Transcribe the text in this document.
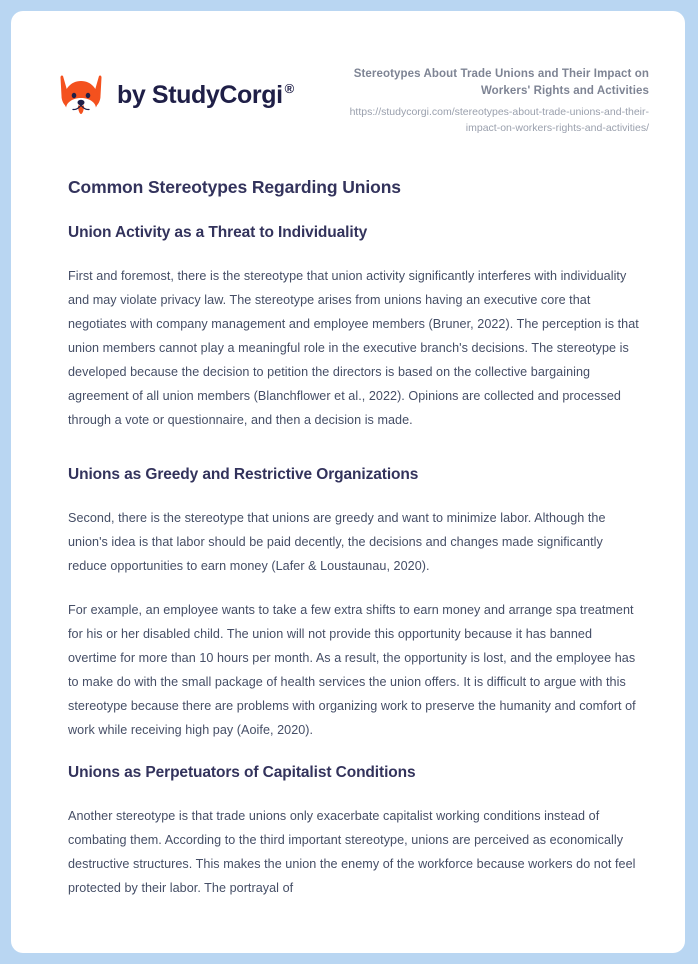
by StudyCorgi ®
Stereotypes About Trade Unions and Their Impact on Workers' Rights and Activities
https://studycorgi.com/stereotypes-about-trade-unions-and-their-impact-on-workers-rights-and-activities/
Common Stereotypes Regarding Unions
Union Activity as a Threat to Individuality

First and foremost, there is the stereotype that union activity significantly interferes with individuality and may violate privacy law. The stereotype arises from unions having an executive core that negotiates with company management and employee members (Bruner, 2022). The perception is that union members cannot play a meaningful role in the executive branch's decisions. The stereotype is developed because the decision to petition the directors is based on the collective bargaining agreement of all union members (Blanchflower et al., 2022). Opinions are collected and processed through a vote or questionnaire, and then a decision is made.

Unions as Greedy and Restrictive Organizations

Second, there is the stereotype that unions are greedy and want to minimize labor. Although the union's idea is that labor should be paid decently, the decisions and changes made significantly reduce opportunities to earn money (Lafer & Loustaunau, 2020).

For example, an employee wants to take a few extra shifts to earn money and arrange spa treatment for his or her disabled child. The union will not provide this opportunity because it has banned overtime for more than 10 hours per month. As a result, the opportunity is lost, and the employee has to make do with the small package of health services the union offers. It is difficult to argue with this stereotype because there are problems with organizing work to preserve the humanity and comfort of work while receiving high pay (Aoife, 2020).

Unions as Perpetuators of Capitalist Conditions

Another stereotype is that trade unions only exacerbate capitalist working conditions instead of combating them. According to the third important stereotype, unions are perceived as economically destructive structures. This makes the union the enemy of the workforce because workers do not feel protected by their labor. The portrayal of
